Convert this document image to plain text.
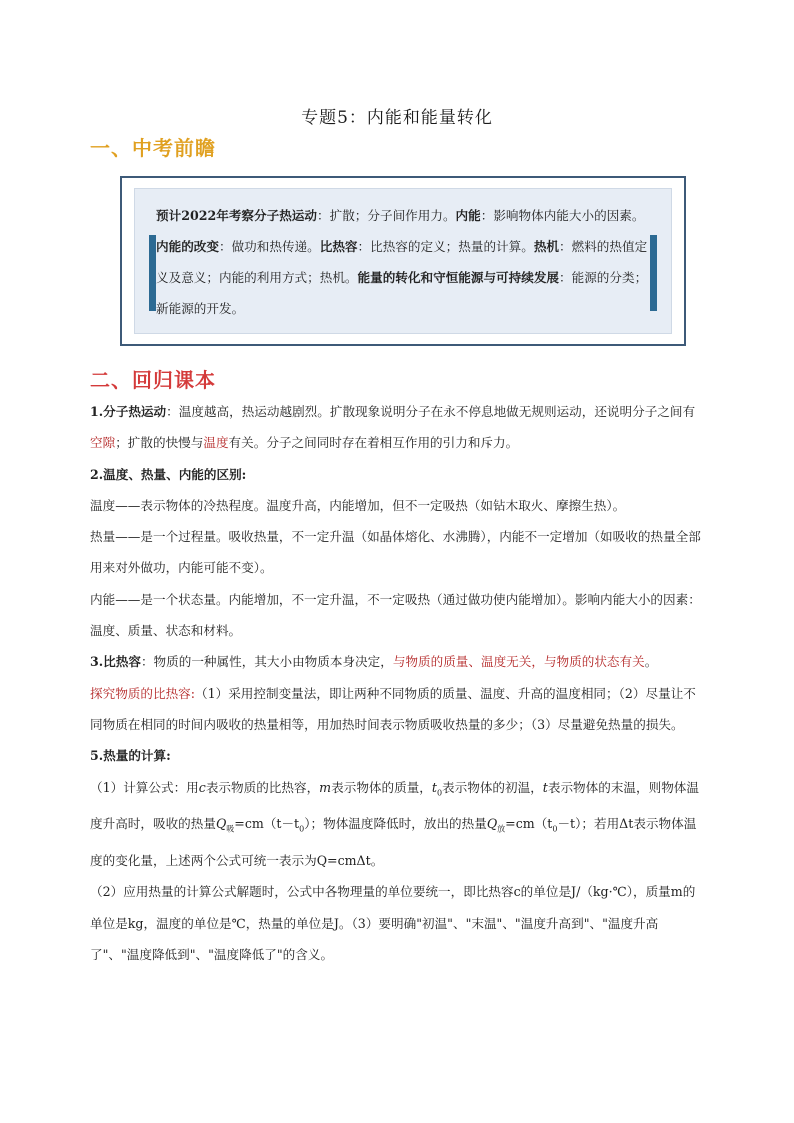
专题5：内能和能量转化
一、中考前瞻
预计2022年考察分子热运动：扩散；分子间作用力。内能：影响物体内能大小的因素。内能的改变：做功和热传递。比热容：比热容的定义；热量的计算。热机：燃料的热值定义及意义；内能的利用方式；热机。能量的转化和守恒能源与可持续发展：能源的分类；新能源的开发。
二、回归课本

1.分子热运动：温度越高，热运动越剧烈。扩散现象说明分子在永不停息地做无规则运动，还说明分子之间有空隙；扩散的快慢与温度有关。分子之间同时存在着相互作用的引力和斥力。

2.温度、热量、内能的区别:

温度——表示物体的冷热程度。温度升高，内能增加，但不一定吸热（如钻木取火、摩擦生热）。

热量——是一个过程量。吸收热量，不一定升温（如晶体熔化、水沸腾），内能不一定增加（如吸收的热量全部用来对外做功，内能可能不变）。

内能——是一个状态量。内能增加，不一定升温，不一定吸热（通过做功使内能增加）。影响内能大小的因素：温度、质量、状态和材料。

3.比热容：物质的一种属性，其大小由物质本身决定，与物质的质量、温度无关，与物质的状态有关。

探究物质的比热容:（1）采用控制变量法，即让两种不同物质的质量、温度、升高的温度相同；（2）尽量让不同物质在相同的时间内吸收的热量相等，用加热时间表示物质吸收热量的多少；（3）尽量避免热量的损失。

5.热量的计算:

（1）计算公式：用c表示物质的比热容，m表示物体的质量，$t_0$表示物体的初温，t表示物体的末温，则物体温度升高时，吸收的热量$Q_吸=cm(t-t_0)$；物体温度降低时，放出的热量$Q_放=cm(t_0-t)$；若用Δt表示物体温度的变化量，上述两个公式可统一表示为Q=cmΔt。

（2）应用热量的计算公式解题时，公式中各物理量的单位要统一，即比热容c的单位是J/（kg·℃），质量m的单位是kg，温度的单位是℃，热量的单位是J。（3）要明确"初温"、"末温"、"温度升高到"、"温度升高了"、"温度降低到"、"温度降低了"的含义。
